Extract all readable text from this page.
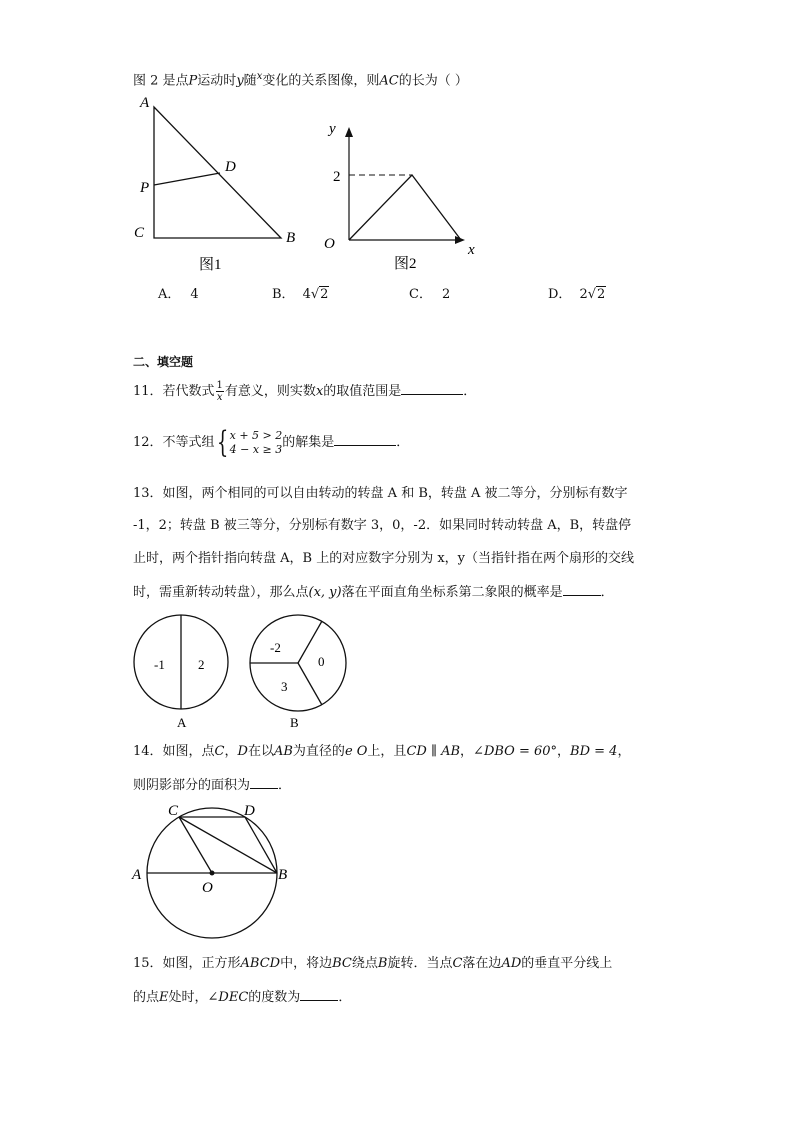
图 2 是点P运动时y随$^x$变化的关系图像，则AC的长为（ ）
A
D
P
C	B
图1
y
2
O	x
图2
A． 4	B． 4√2	C． 2	D． 2√2
二、填空题
11．若代数式 $\frac{1}{x}$ 有意义，则实数x的取值范围是	．
12．不等式组{ x + 5 > 2
4 − x ≥ 3 的解集是	．
13．如图，两个相同的可以自由转动的转盘 A 和 B，转盘 A 被二等分，分别标有数字
-1，2；转盘 B 被三等分，分别标有数字 3，0，-2．如果同时转动转盘 A，B，转盘停
止时，两个指针指向转盘 A，B 上的对应数字分别为 x，y（当指针指在两个扇形的交线
时，需重新转动转盘），那么点(x, y)落在平面直角坐标系第二象限的概率是	．
-1	2
A
-2
0
3
B
14．如图，点C，D在以AB为直径的e O上，且CD ∥ AB，∠DBO = 60°，BD = 4，
则阴影部分的面积为 ．
C	D
A
O
B
15．如图，正方形ABCD中，将边BC绕点B旋转．当点C落在边AD的垂直平分线上
的点E处时，∠DEC的度数为	．
